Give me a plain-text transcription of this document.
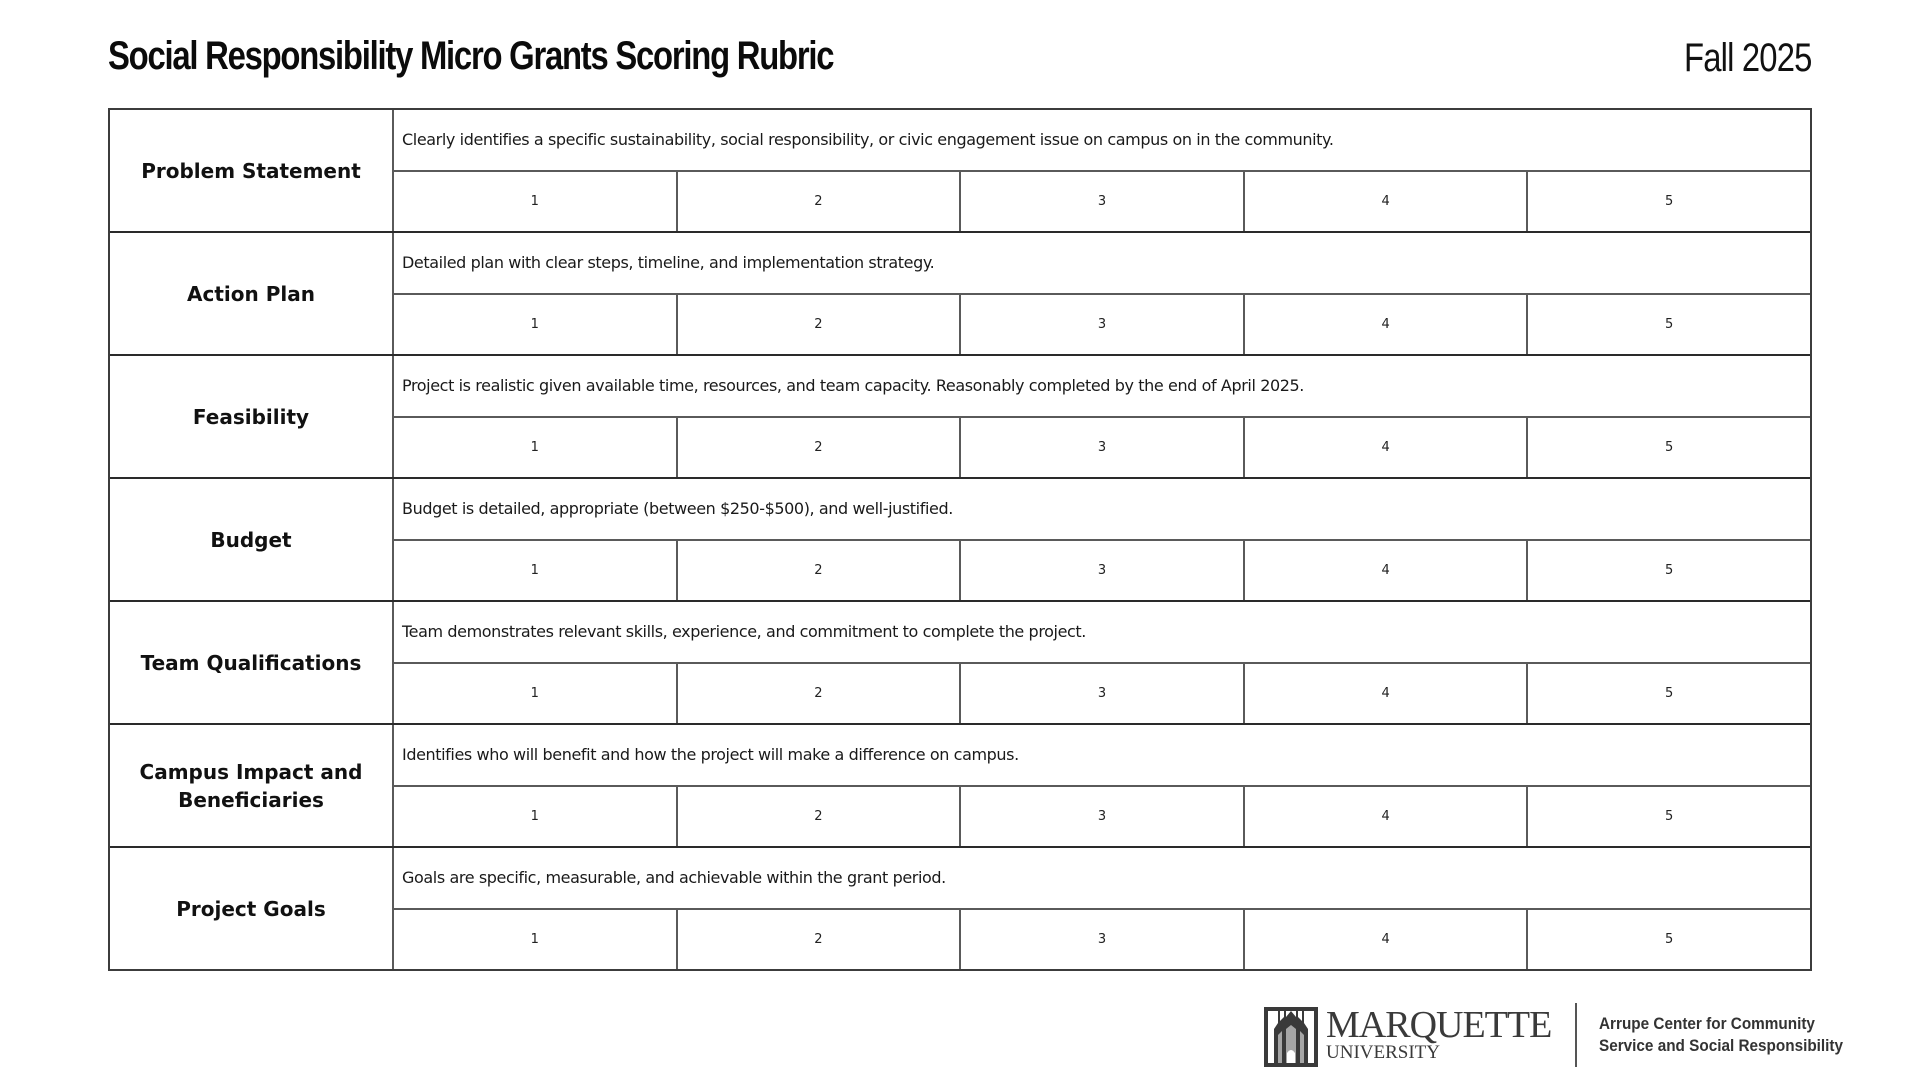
Social Responsibility Micro Grants Scoring Rubric	Fall 2025
Problem Statement
Clearly identifies a specific sustainability, social responsibility, or civic engagement issue on campus on in the community.
1	2	3	4	5
Action Plan
Detailed plan with clear steps, timeline, and implementation strategy.
1	2	3	4	5
Feasibility
Project is realistic given available time, resources, and team capacity. Reasonably completed by the end of April 2025.
1	2	3	4	5
Budget
Budget is detailed, appropriate (between $250-$500), and well-justified.
1	2	3	4	5
Team Qualifications
Team demonstrates relevant skills, experience, and commitment to complete the project.
1	2	3	4	5
Campus Impact and Beneficiaries
Identifies who will benefit and how the project will make a difference on campus.
1	2	3	4	5
Project Goals
Goals are specific, measurable, and achievable within the grant period.
1	2	3	4	5
MARQUETTE
UNIVERSITY
Arrupe Center for Community
Service and Social Responsibility
